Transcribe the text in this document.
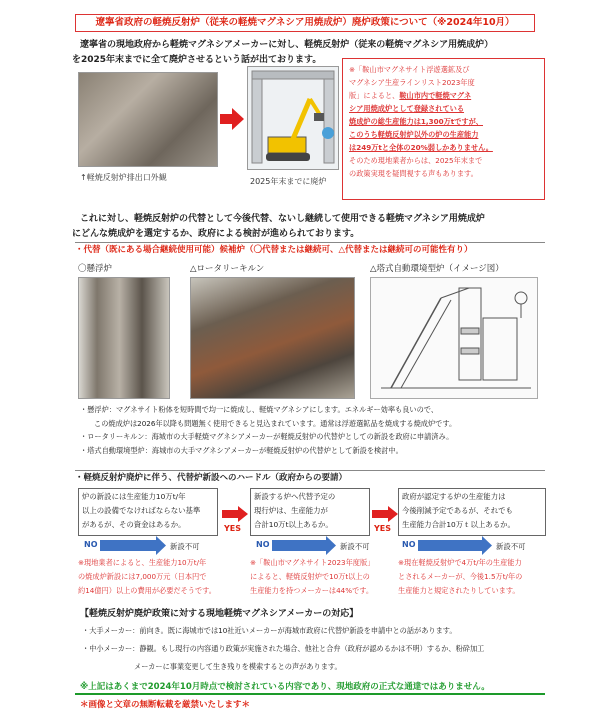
遼寧省政府の軽焼反射炉（従来の軽焼マグネシア用焼成炉）廃炉政策について（※2024年10月）
遼寧省の現地政府から軽焼マグネシアメーカーに対し、軽焼反射炉（従来の軽焼マグネシア用焼成炉）
を2025年末までに全て廃炉させるという話が出ております。
↑軽焼反射炉排出口外観	2025年末までに廃炉
※「鞍山市マグネサイト浮遊選鉱及び
マグネシア生産ラインリスト2023年度
版」によると、鞍山市内で軽焼マグネ
シア用焼成炉として登録されている
焼成炉の総生産能力は1,300万tですが、
このうち軽焼反射炉以外の炉の生産能力
は249万tと全体の20%弱しかありません。
そのため現地業者からは、2025年末まで
の政策実現を疑問視する声もあります。
これに対し、軽焼反射炉の代替として今後代替、ないし継続して使用できる軽焼マグネシア用焼成炉
にどんな焼成炉を選定するか、政府による検討が進められております。
・代替（既にある場合継続使用可能）候補炉（〇代替または継続可、△代替または継続可の可能性有り）
〇懸浮炉	△ロータリーキルン	△塔式自動環境型炉（イメージ図）
・懸浮炉：マグネサイト粉体を短時間で均一に焼成し、軽焼マグネシアにします。エネルギー効率も良いので、
この焼成炉は2026年以降も問題無く使用できると見込まれています。通常は浮遊選鉱品を焼成する焼成炉です。
・ロータリーキルン：海城市の大手軽焼マグネシアメーカーが軽焼反射炉の代替炉としての新設を政府に申請済み。
・塔式自動環境型炉：海城市の大手マグネシアメーカーが軽焼反射炉の代替炉として新設を検討中。
・軽焼反射炉廃炉に伴う、代替炉新設へのハードル（政府からの要請）
炉の新設には生産能力10万t/年
以上の設備でなければならない基準
があるが、その資金はあるか。
新設する炉へ代替予定の
現行炉は、生産能力が
合計10万t以上あるか。
政府が認定する炉の生産能力は
今後削減予定であるが、それでも
生産能力合計10万ｔ以上あるか。
YES	YES
NO	新設不可	NO	新設不可	NO	新設不可
※現地業者によると、生産能力10万t/年
の焼成炉新設には7,000万元（日本円で
約14億円）以上の費用が必要だそうです。
※「鞍山市マグネサイト2023年度版」
によると、軽焼反射炉で10万t以上の
生産能力を持つメーカーは44%です。
※現在軽焼反射炉で4万t/年の生産能力
とされるメーカーが、今後1.5万t/年の
生産能力と規定されたりしています。
【軽焼反射炉廃炉政策に対する現地軽焼マグネシアメーカーの対応】
・大手メーカー：前向き。既に海城市では10社近いメーカーが海城市政府に代替炉新設を申請中との話があります。
・中小メーカー：静観。もし現行の内容通り政策が実施された場合、他社と合弁（政府が認めるかは不明）するか、粉砕加工
メーカーに事業変更して生き残りを模索するとの声があります。
※上記はあくまで2024年10月時点で検討されている内容であり、現地政府の正式な通達ではありません。
＊画像と文章の無断転載を厳禁いたします＊
